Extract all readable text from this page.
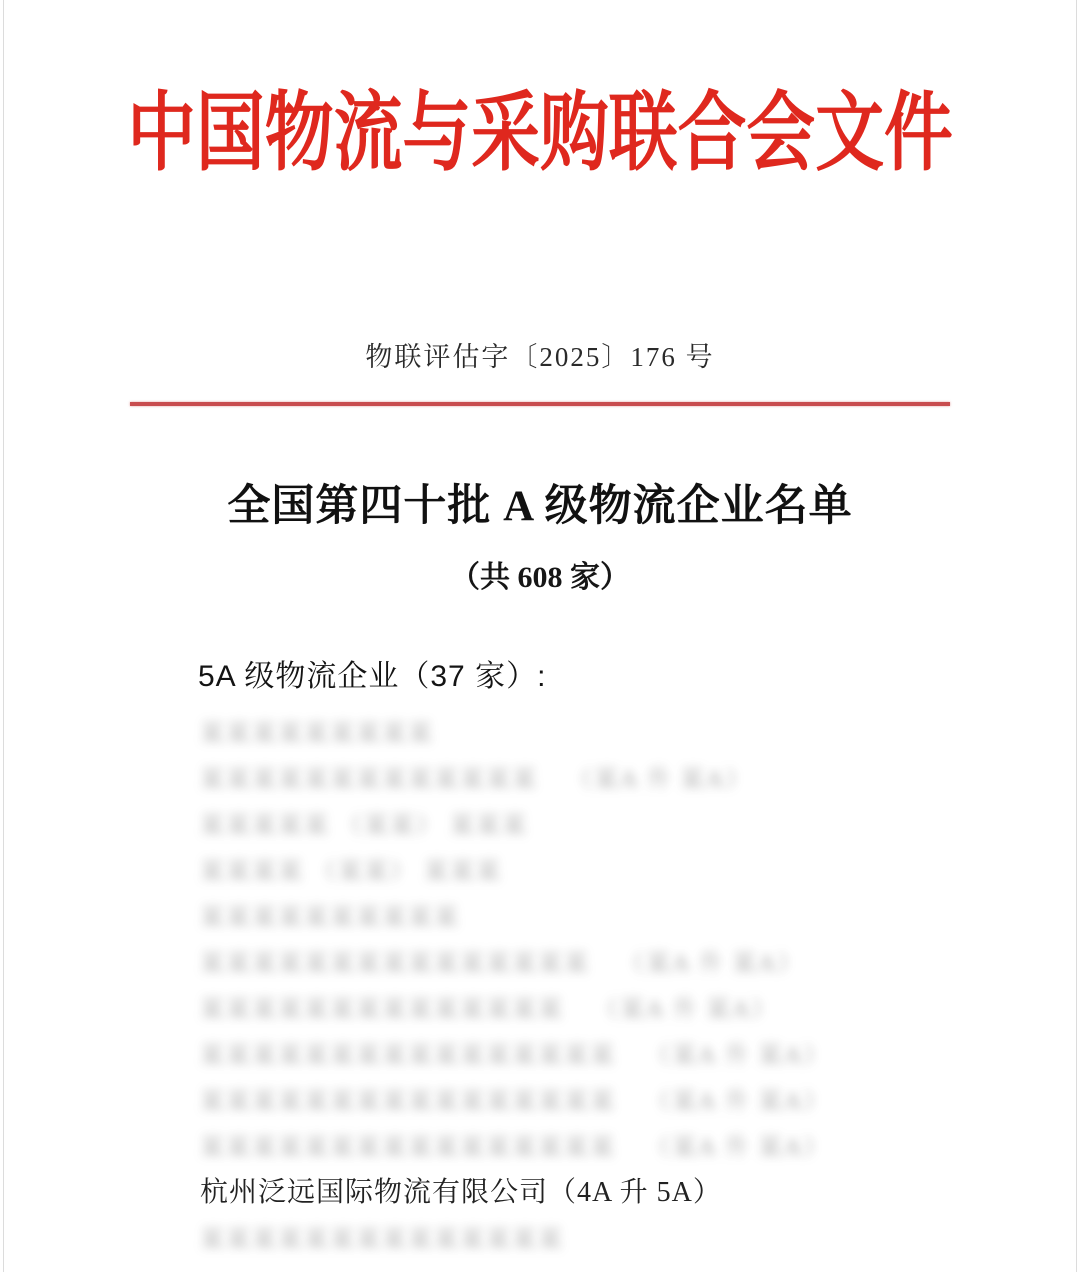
中国物流与采购联合会文件

物联评估字〔2025〕176 号

全国第四十批 A 级物流企业名单
（共 608 家）
5A 级物流企业（37 家）:
某某某某某某某某某
某某某某某某某某某某某某某 （某A 升 某A）
某某某某某 （某某） 某某某
某某某某 （某某） 某某某
某某某某某某某某某某
某某某某某某某某某某某某某某某 （某A 升 某A）
某某某某某某某某某某某某某某 （某A 升 某A）
某某某某某某某某某某某某某某某某 （某A 升 某A）
某某某某某某某某某某某某某某某某 （某A 升 某A）
某某某某某某某某某某某某某某某某 （某A 升 某A）
杭州泛远国际物流有限公司（4A 升 5A）
某某某某某某某某某某某某某某
